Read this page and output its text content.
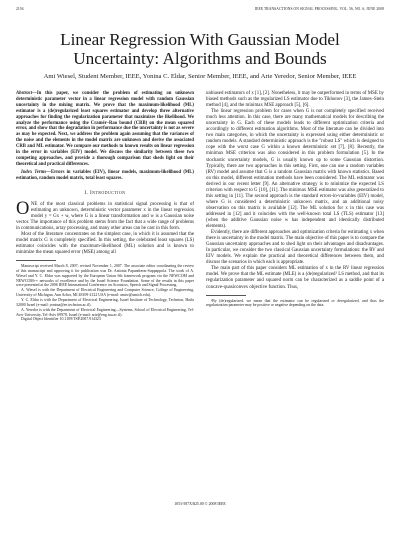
2194	IEEE TRANSACTIONS ON SIGNAL PROCESSING, VOL. 56, NO. 6, JUNE 2008
Linear Regression With Gaussian Model Uncertainty: Algorithms and Bounds
Ami Wiesel, Student Member, IEEE, Yonina C. Eldar, Senior Member, IEEE, and Arie Yeredor, Senior Member, IEEE

Abstract—In this paper, we consider the problem of estimating an unknown deterministic parameter vector in a linear regression model with random Gaussian uncertainty in the mixing matrix. We prove that the maximum-likelihood (ML) estimator is a (de)regularized least squares estimator and develop three alternative approaches for finding the regularization parameter that maximizes the likelihood. We analyze the performance using the Cramér–Rao bound (CRB) on the mean squared error, and show that the degradation in performance due the uncertainty is not as severe as may be expected. Next, we address the problem again assuming that the variances of the noise and the elements in the model matrix are unknown and derive the associated CRB and ML estimator. We compare our methods to known results on linear regression in the error in variables (EIV) model. We discuss the similarity between these two competing approaches, and provide a thorough comparison that sheds light on their theoretical and practical differences.

Index Terms—Errors in variables (EIV), linear models, maximum-likelihood (ML) estimation, random model matrix, total least squares.

I. Introduction

ONE of the most classical problems in statistical signal processing is that of estimating an unknown, deterministic vector parameter x in the linear regression model y = Gx + w, where G is a linear transformation and w is a Gaussian noise vector. The importance of this problem stems from the fact that a wide range of problems in communications, array processing, and many other areas can be cast in this form.

Most of the literature concentrates on the simplest case, in which it is assumed that the model matrix G is completely specified. In this setting, the celebrated least squares (LS) estimator coincides with the maximum-likelihood (ML) solution and is known to minimize the mean squared error (MSE) among all

Manuscript received March 8, 2007; revised November 1, 2007. The associate editor coordinating the review of this manuscript and approving it for publication was Dr. Antonia Papandreou-Suppappola. The work of A. Wiesel and Y. C. Eldar was supported by the European Union 6th framework program via the NEWCOM and NEWCOM++ networks of excellence and by the Israel Science Foundation. Some of the results in this paper were presented at the 2006 IEEE International Conference on Acoustics, Speech and Signal Processing.

A. Wiesel is with the Department of Electrical Engineering and Computer Science, College of Engineering, University of Michigan, Ann Arbor, MI 48109-2122 USA (e-mail: amiw@umich.edu).

Y. C. Eldar is with the Department of Electrical Engineering, Israel Institute of Technology, Technion, Haifa 32000 Israel (e-mail: yonina@ee.technion.ac.il).

A. Yeredor is with the Department of Electrical Engineering—Systems, School of Electrical Engineering, Tel-Aviv University, Tel-Aviv 69978, Israel (e-mail: arie@eng.tau.ac.il).

Digital Object Identifier 10.1109/TSP.2007.914323

unbiased estimators of x [1], [2]. Nonetheless, it may be outperformed in terms of MSE by biased methods such as the regularized LS estimator due to Tikhonov [3], the James–Stein method [4], and the minimax MSE approach [5], [6].

The linear regression problem for cases when G is not completely specified received much less attention. In this case, there are many mathematical models for describing the uncertainty in G. Each of these models leads to different optimization criteria and accordingly to different estimation algorithms. Most of the literature can be divided into two main categories, in which the uncertainty is expressed using either deterministic or random models. A standard deterministic approach is the "robust LS" which is designed to cope with the worst case G within a known deterministic set [7], [8]. Recently, the minimax MSE criterion was also considered in this problem formulation [5]. In the stochastic uncertainty models, G is usually known up to some Gaussian distortion. Typically, there are two approaches in this setting. First, one can use a random variables (RV) model and assume that G is a random Gaussian matrix with known statistics. Based on this model, different estimation methods have been considered. The ML estimator was derived in our recent letter [9]. An alternative strategy is to minimize the expected LS criterion with respect to G [10], [11]. The minimax MSE estimator was also generalized to this setting in [11]. The second approach is the standard errors-in-variables (EIV) model, where G is considered a deterministic unknown matrix, and an additional noisy observation on this matrix is available [12]. The ML solution for x in this case was addressed in [12] and it coincides with the well-known total LS (TLS) estimator [13] (when the additive Gaussian noise w has independent and identically distributed elements).

Evidently, there are different approaches and optimization criteria for estimating x when there is uncertainty in the model matrix. The main objective of this paper is to compare the Gaussian uncertainty approaches and to shed light on their advantages and disadvantages. In particular, we consider the two classical Gaussian uncertainty formulations: the RV and EIV models. We explain the practical and theoretical differences between them, and discuss the scenarios in which each is appropriate.

The main part of this paper considers ML estimation of x in the RV linear regression model. We prove that the ML estimate (MLE) is a (de)regularized¹ LS method, and that its regularization parameter and squared norm can be characterized as a saddle point of a concave-quasiconvex objective function. Thus,

¹By (de)regularized, we mean that the estimator can be regularized or deregularized, and thus the regularization parameter may be positive or negative depending on the data.

1053-587X/$25.00 © 2008 IEEE
